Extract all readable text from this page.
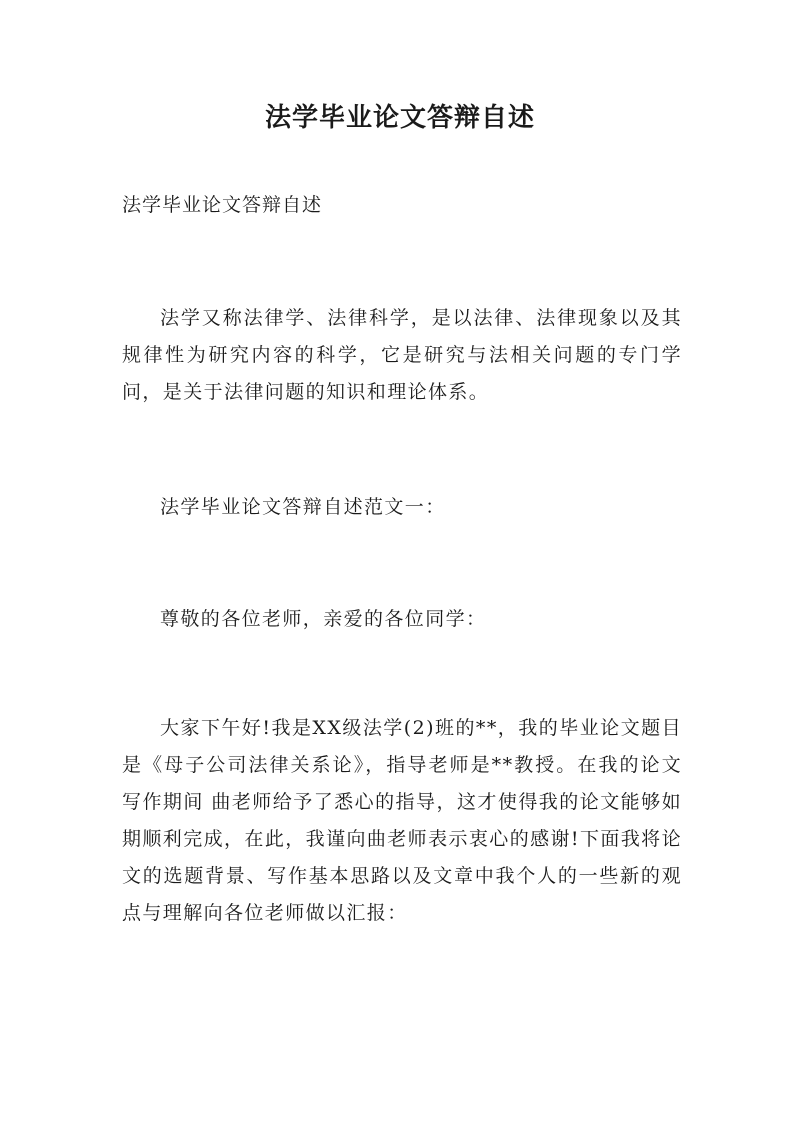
法学毕业论文答辩自述

法学毕业论文答辩自述

法学又称法律学、法律科学，是以法律、法律现象以及其规律性为研究内容的科学，它是研究与法相关问题的专门学问，是关于法律问题的知识和理论体系。

法学毕业论文答辩自述范文一：

尊敬的各位老师，亲爱的各位同学：

大家下午好!我是XX级法学(2)班的**，我的毕业论文题目是《母子公司法律关系论》，指导老师是**教授。在我的论文写作期间 曲老师给予了悉心的指导，这才使得我的论文能够如期顺利完成，在此，我谨向曲老师表示衷心的感谢!下面我将论文的选题背景、写作基本思路以及文章中我个人的一些新的观点与理解向各位老师做以汇报：
